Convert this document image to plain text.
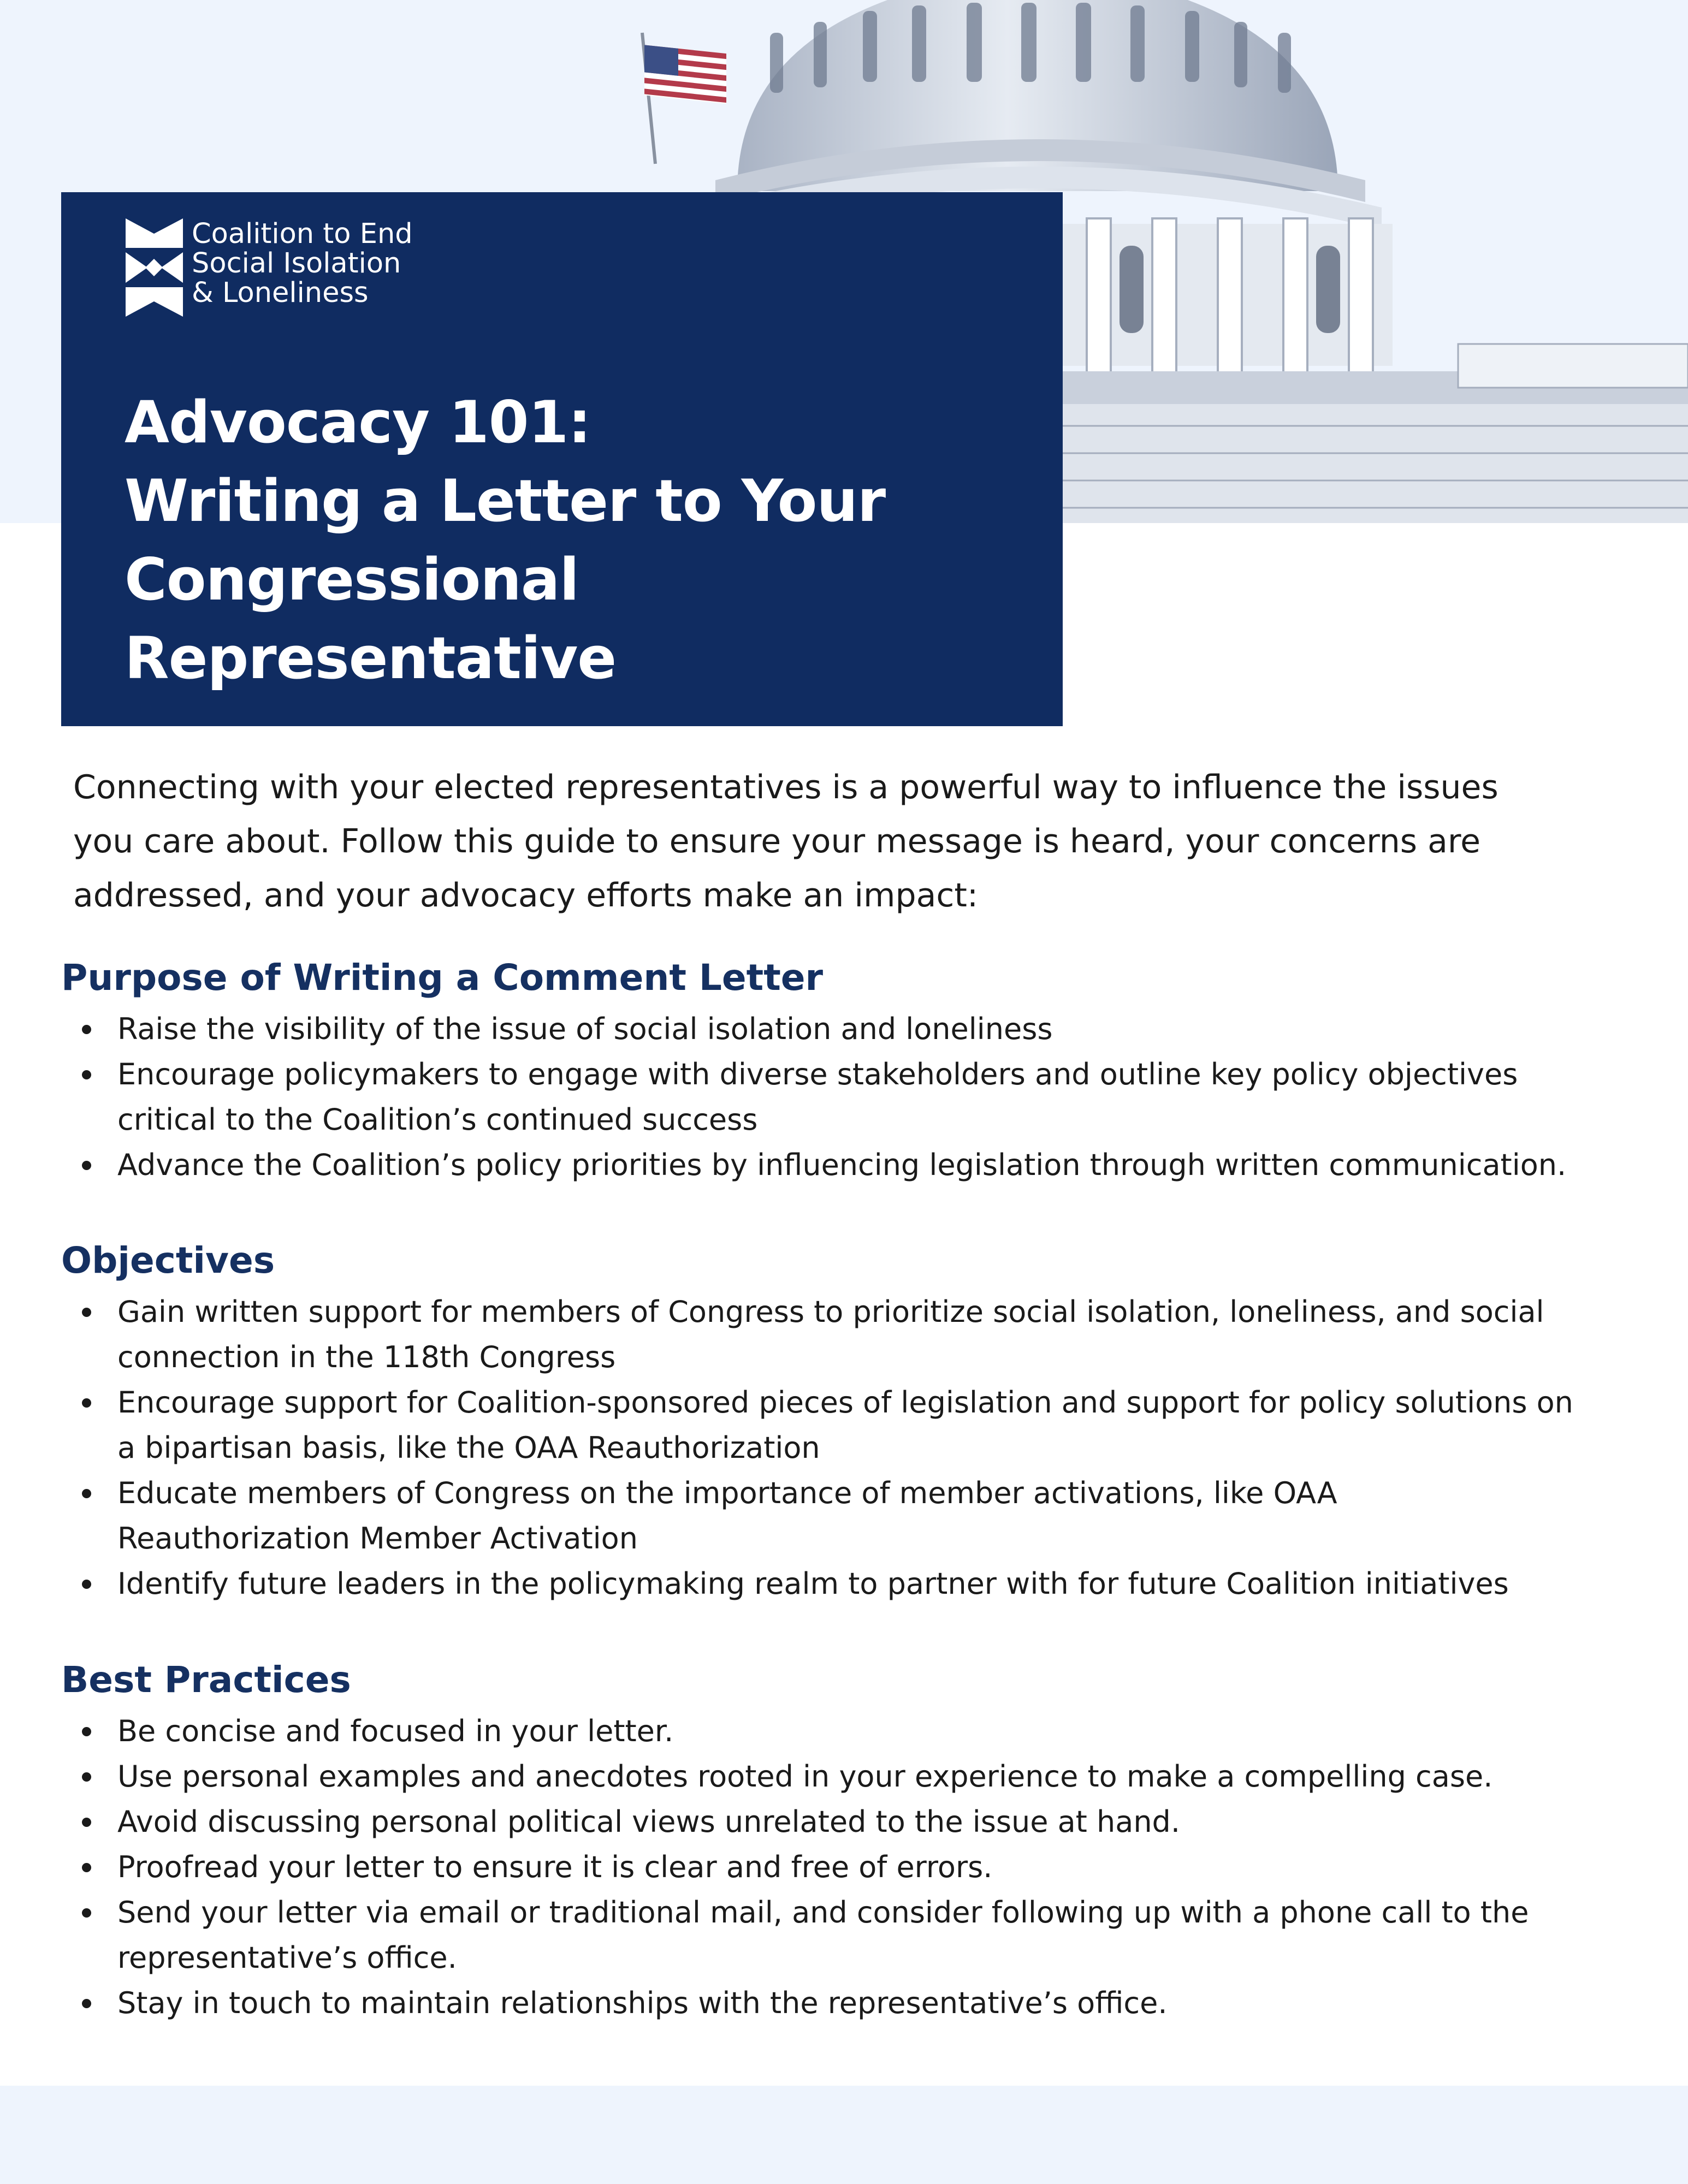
Coalition to End
Social Isolation
& Loneliness
Advocacy 101:
Writing a Letter to Your
Congressional
Representative

Connecting with your elected representatives is a powerful way to influence the issues
you care about. Follow this guide to ensure your message is heard, your concerns are
addressed, and your advocacy efforts make an impact:

Purpose of Writing a Comment Letter
Raise the visibility of the issue of social isolation and loneliness
Encourage policymakers to engage with diverse stakeholders and outline key policy objectives
critical to the Coalition’s continued success
Advance the Coalition’s policy priorities by influencing legislation through written communication.
Objectives
Gain written support for members of Congress to prioritize social isolation, loneliness, and social
connection in the 118th Congress
Encourage support for Coalition-sponsored pieces of legislation and support for policy solutions on
a bipartisan basis, like the OAA Reauthorization
Educate members of Congress on the importance of member activations, like OAA
Reauthorization Member Activation
Identify future leaders in the policymaking realm to partner with for future Coalition initiatives
Best Practices
Be concise and focused in your letter.
Use personal examples and anecdotes rooted in your experience to make a compelling case.
Avoid discussing personal political views unrelated to the issue at hand.
Proofread your letter to ensure it is clear and free of errors.
Send your letter via email or traditional mail, and consider following up with a phone call to the
representative’s office.
Stay in touch to maintain relationships with the representative’s office.
